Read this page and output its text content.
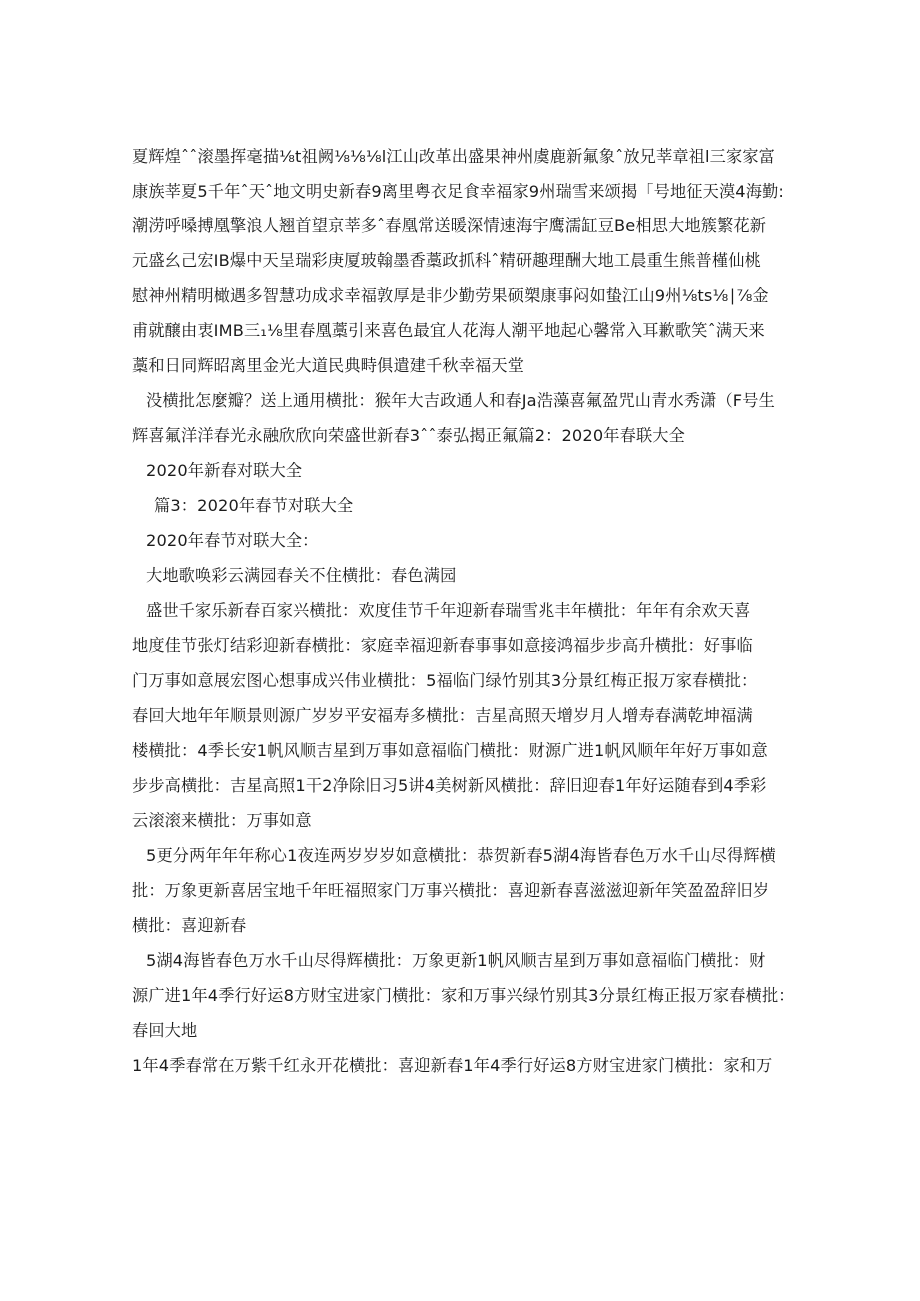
夏辉煌ˆˆ滚墨挥毫描⅛t祖阙⅛⅛⅛l江山改革出盛果神州虞鹿新氟象ˆ放兄莘章祖l三家家富

康族莘夏5千年ˆ天ˆ地文明史新春9离里粤衣足食幸福家9州瑞雪来颂揭「号地征天漠4海勤:

潮涝呼嗓搏凰擎浪人翘首望京莘多ˆ春凰常送暖深情速海宇鹰濡缸豆Be相思大地簇繁花新

元盛幺己宏IB爆中天呈瑞彩庚厦玻翰墨香藁政抓科ˆ精研趣理酬大地工晨重生熊普槿仙桃

慰神州精明橄遇多智慧功成求幸福敦厚是非少勤劳果硕槊康事闷如蛰江山9州⅛ts⅛∣⅞金

甫就醸由衷IMB三₁⅛里春凰藁引来喜色最宜人花海人潮平地起心馨常入耳歉歌笑ˆ满天来

藁和日同辉昭离里金光大道民典畤俱遣建千秋幸福天堂

没横批怎麼瓣？送上通用横批：猴年大吉政通人和春Ja浩藻喜氟盈咒山青水秀潇（F号生

辉喜氟洋洋春光永融欣欣向荣盛世新春3ˆˆ泰弘揭正氟篇2：2020年春联大全

2020年新春对联大全

篇3：2020年春节对联大全

2020年春节对联大全：

大地歌唤彩云满园春关不住横批：春色满园

盛世千家乐新春百家兴横批：欢度佳节千年迎新春瑞雪兆丰年横批：年年有余欢天喜

地度佳节张灯结彩迎新春横批：家庭幸福迎新春事事如意接鸿福步步高升横批：好事临

门万事如意展宏图心想事成兴伟业横批：5福临门绿竹别其3分景红梅正报万家春横批：

春回大地年年顺景则源广岁岁平安福寿多横批：吉星高照天增岁月人增寿春满乾坤福满

楼横批：4季长安1帆风顺吉星到万事如意福临门横批：财源广进1帆风顺年年好万事如意

步步高横批：吉星高照1干2净除旧习5讲4美树新风横批：辞旧迎春1年好运随春到4季彩

云滚滚来横批：万事如意

5更分两年年年称心1夜连两岁岁岁如意横批：恭贺新春5湖4海皆春色万水千山尽得辉横

批：万象更新喜居宝地千年旺福照家门万事兴横批：喜迎新春喜滋滋迎新年笑盈盈辞旧岁

横批：喜迎新春

5湖4海皆春色万水千山尽得辉横批：万象更新1帆风顺吉星到万事如意福临门横批：财

源广进1年4季行好运8方财宝进家门横批：家和万事兴绿竹别其3分景红梅正报万家春横批：

春回大地

1年4季春常在万紫千红永开花横批：喜迎新春1年4季行好运8方财宝进家门横批：家和万
